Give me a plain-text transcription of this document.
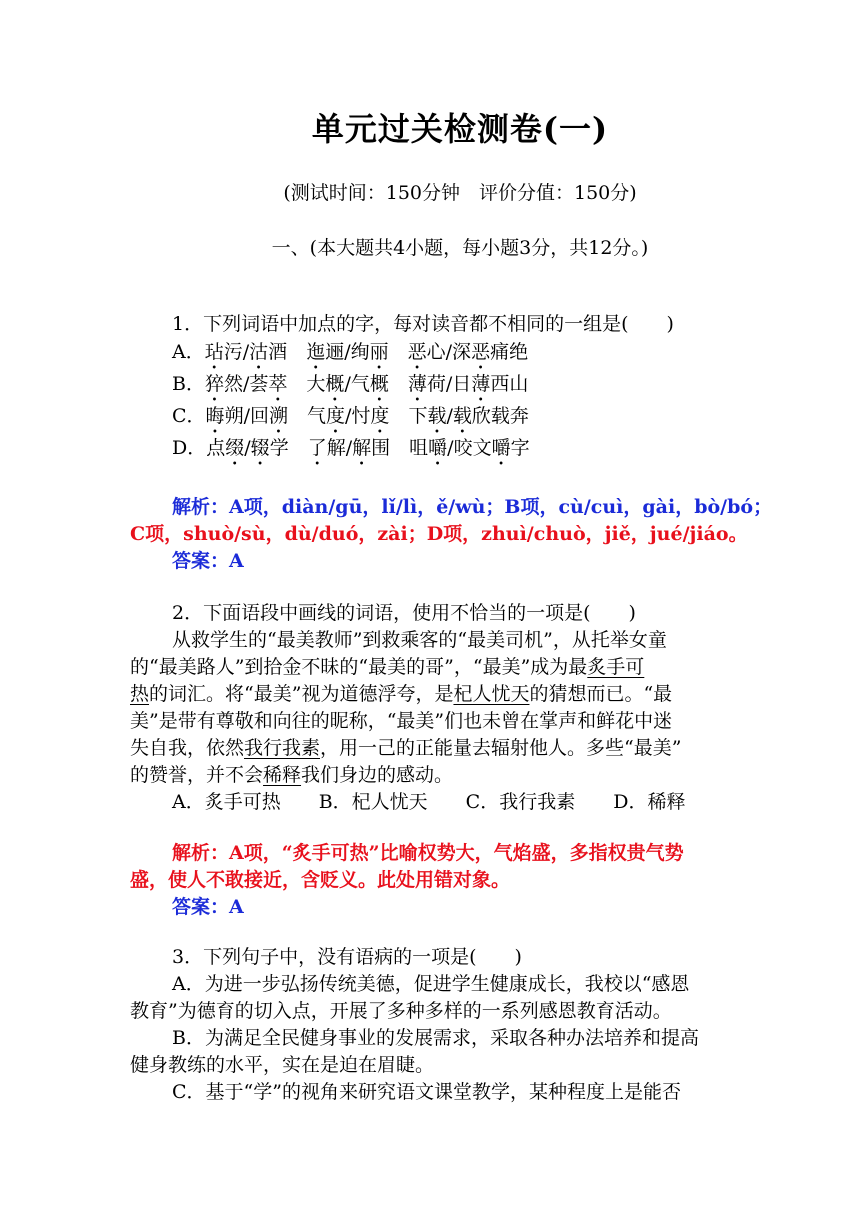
单元过关检测卷(一)
(测试时间：150分钟　评价分值：150分)
一、(本大题共4小题，每小题3分，共12分。)
1．下列词语中加点的字，每对读音都不相同的一组是(　　)
A．玷污/沽酒　迤逦/绚丽　 恶心/深恶痛绝
B．猝然/荟萃　大概/气概　 薄荷/日薄西山
C．晦朔/回溯　气度/忖度　下载/载欣载奔
D．点缀/辍学　了解/解围　咀嚼/咬文嚼字
解析：A项，diàn/gū，lǐ/lì，ě/wù；B项，cù/cuì，gài，bò/bó；
C项，shuò/sù，dù/duó，zài；D项，zhuì/chuò，jiě，jué/jiáo。
答案：A
2．下面语段中画线的词语，使用不恰当的一项是(　　)
从救学生的“最美教师”到救乘客的“最美司机”，从托举女童
的“最美路人”到拾金不昧的“最美的哥”，“最美”成为最炙手可
热的词汇。将“最美”视为道德浮夸，是杞人忧天的猜想而已。“最
美”是带有尊敬和向往的昵称，“最美”们也未曾在掌声和鲜花中迷
失自我，依然我行我素，用一己的正能量去辐射他人。多些“最美”
的赞誉，并不会稀释我们身边的感动。
A．炙手可热　　B．杞人忧天　　C．我行我素　　D．稀释
解析：A项，“炙手可热”比喻权势大，气焰盛，多指权贵气势
盛，使人不敢接近，含贬义。此处用错对象。
答案：A
3．下列句子中，没有语病的一项是(　　)
A．为进一步弘扬传统美德，促进学生健康成长，我校以“感恩
教育”为德育的切入点，开展了多种多样的一系列感恩教育活动。
B．为满足全民健身事业的发展需求，采取各种办法培养和提高
健身教练的水平，实在是迫在眉睫。
C．基于“学”的视角来研究语文课堂教学，某种程度上是能否
